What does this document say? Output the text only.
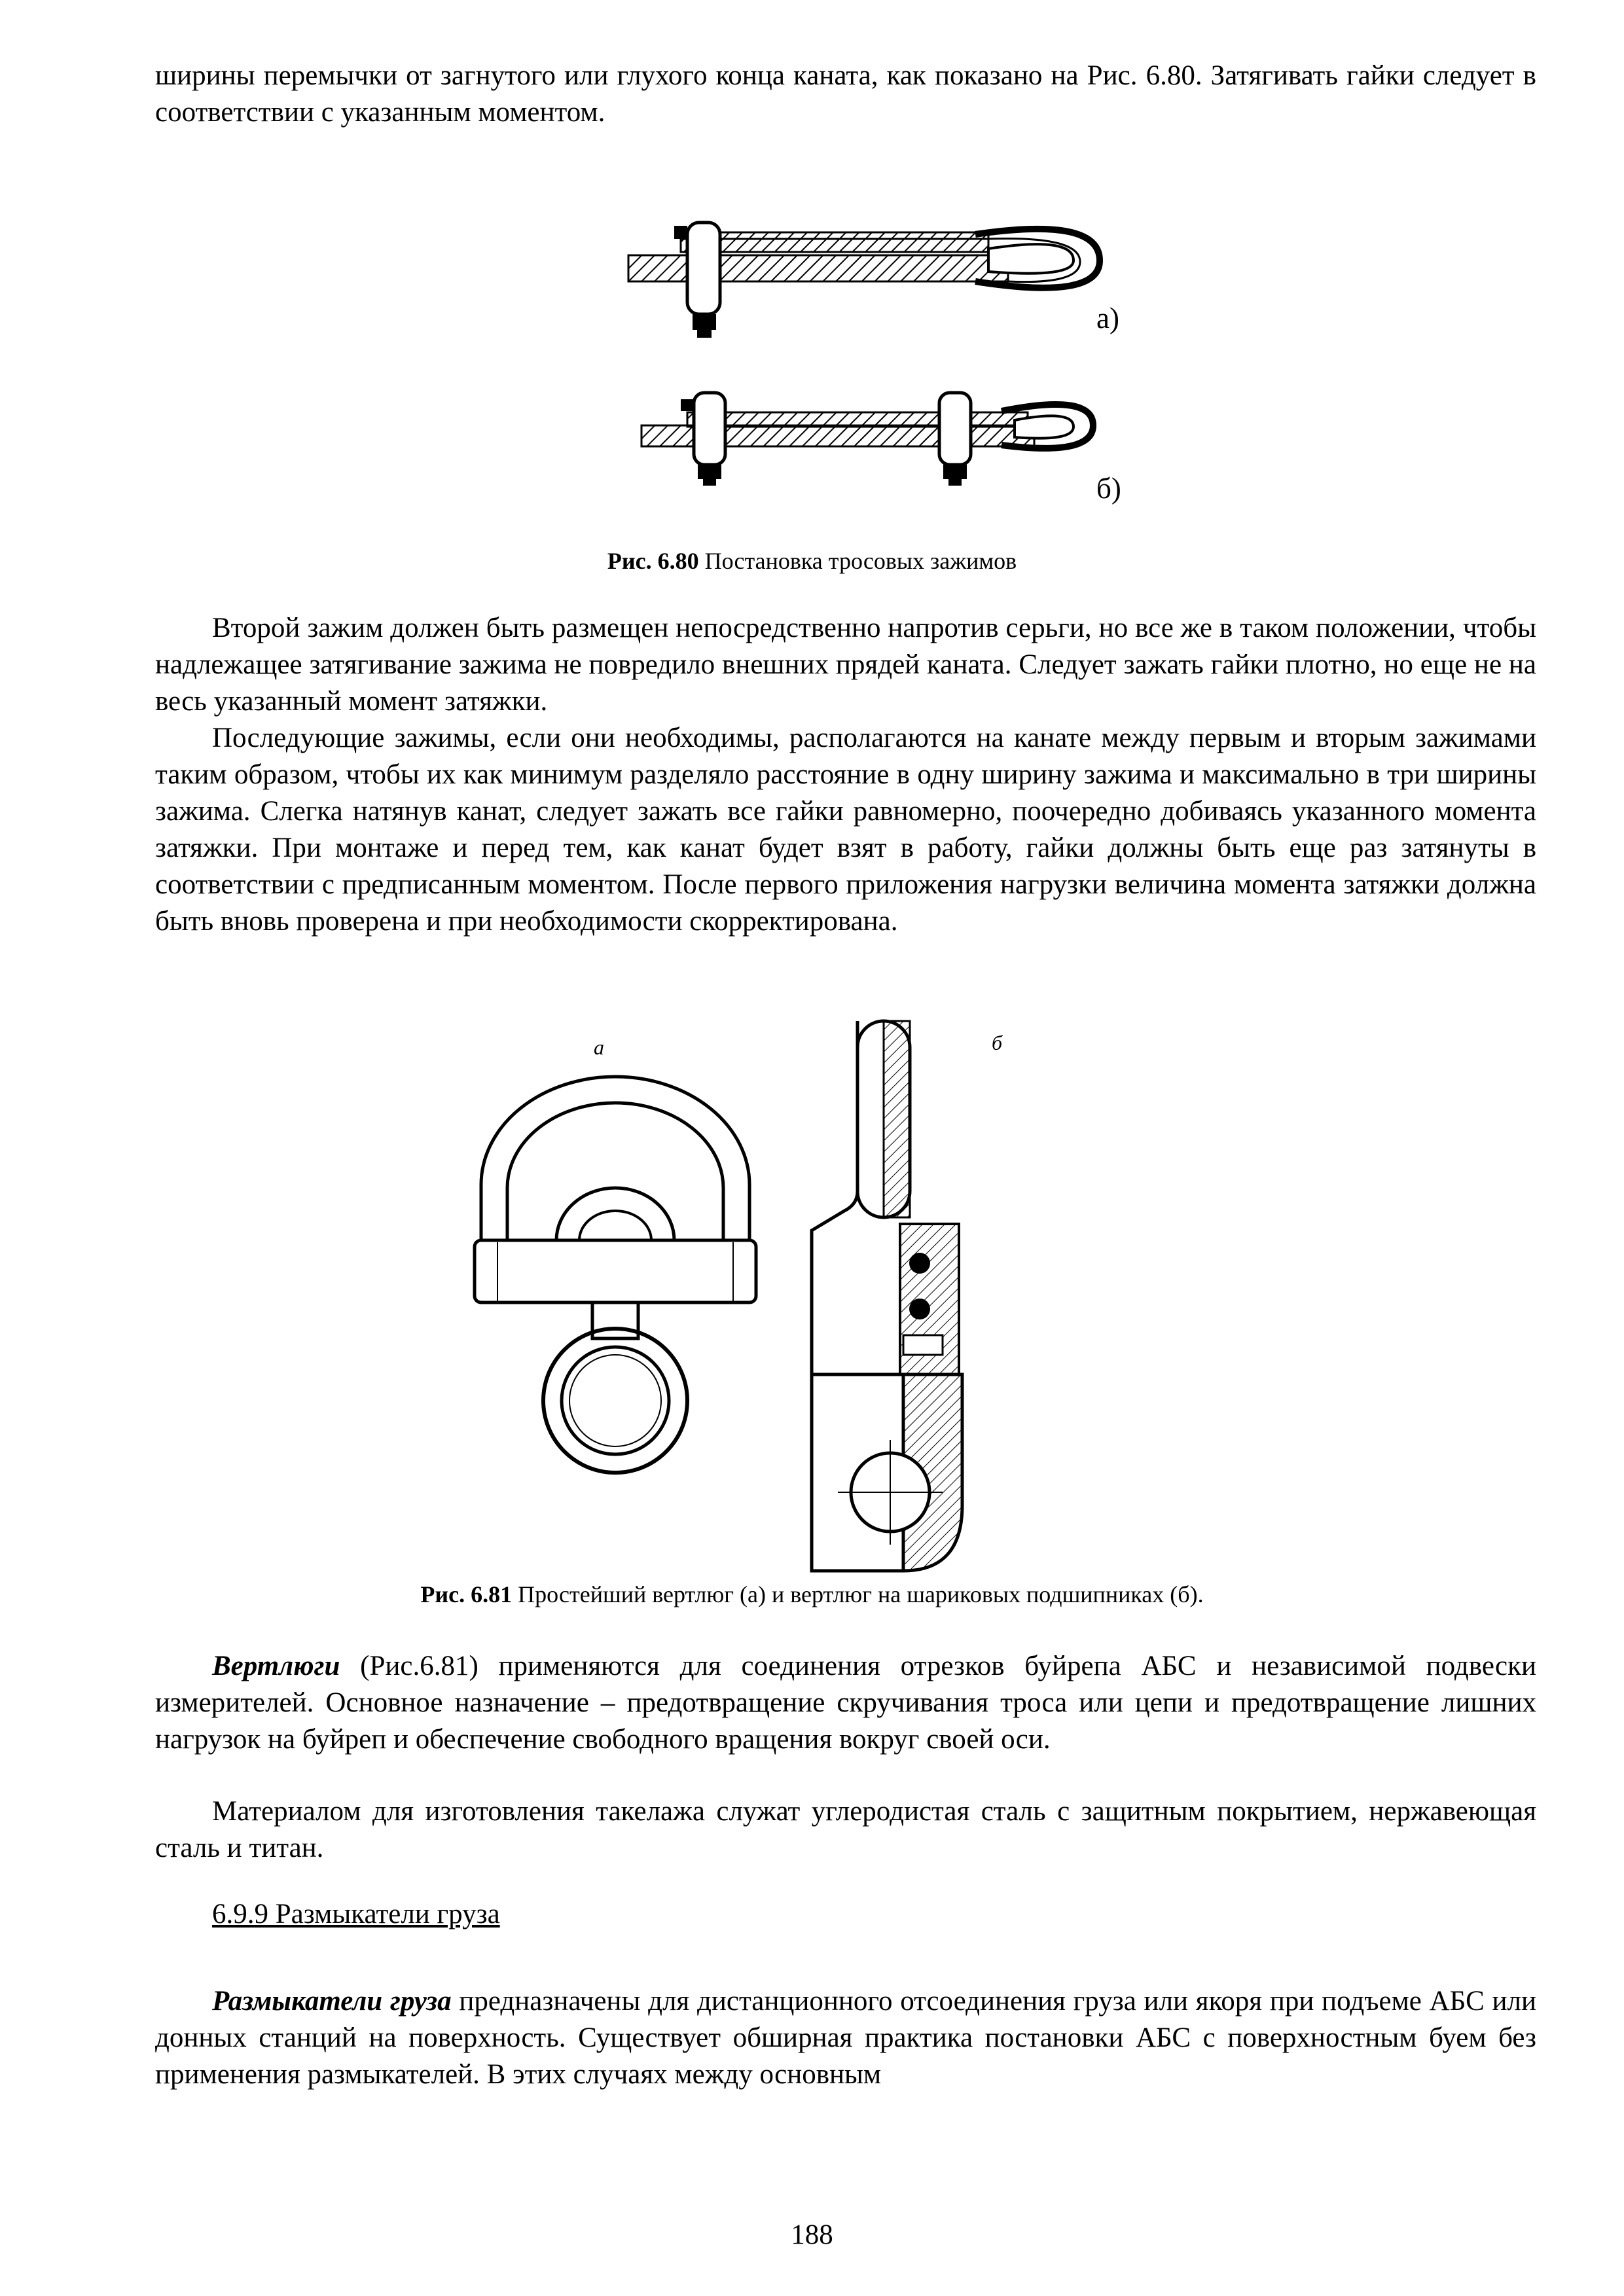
ширины перемычки от загнутого или глухого конца каната, как показано на Рис. 6.80. Затягивать гайки следует в соответствии с указанным моментом.

а)
б)
Рис. 6.80 Постановка тросовых зажимов

Второй зажим должен быть размещен непосредственно напротив серьги, но все же в таком положении, чтобы надлежащее затягивание зажима не повредило внешних прядей каната. Следует зажать гайки плотно, но еще не на весь указанный момент затяжки.

Последующие зажимы, если они необходимы, располагаются на канате между первым и вторым зажимами таким образом, чтобы их как минимум разделяло расстояние в одну ширину зажима и максимально в три ширины зажима. Слегка натянув канат, следует зажать все гайки равномерно, поочередно добиваясь указанного момента затяжки. При монтаже и перед тем, как канат будет взят в работу, гайки должны быть еще раз затянуты в соответствии с предписанным моментом. После первого приложения нагрузки величина момента затяжки должна быть вновь проверена и при необходимости скорректирована.

а	б
Рис. 6.81 Простейший вертлюг (а) и вертлюг на шариковых подшипниках (б).

Вертлюги (Рис.6.81) применяются для соединения отрезков буйрепа АБС и независимой подвески измерителей. Основное назначение – предотвращение скручивания троса или цепи и предотвращение лишних нагрузок на буйреп и обеспечение свободного вращения вокруг своей оси.

Материалом для изготовления такелажа служат углеродистая сталь с защитным покрытием, нержавеющая сталь и титан.

6.9.9 Размыкатели груза

Размыкатели груза предназначены для дистанционного отсоединения груза или якоря при подъеме АБС или донных станций на поверхность. Существует обширная практика постановки АБС с поверхностным буем без применения размыкателей. В этих случаях между основным

188
